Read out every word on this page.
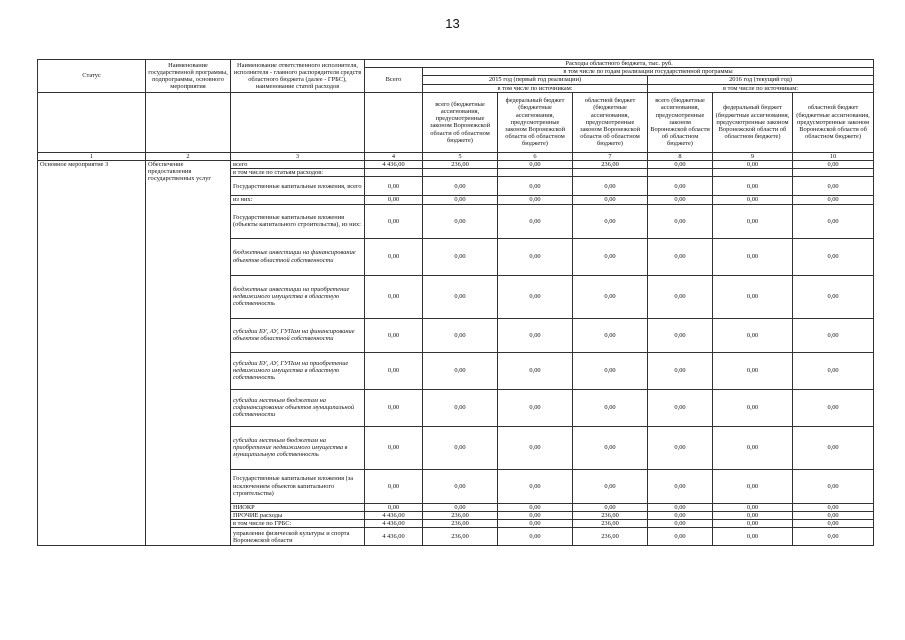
13
Статус	Наименование государственной программы, подпрограммы, основного мероприятия	Наименование ответственного исполнителя, исполнителя - главного распорядителя средств областного бюджета (далее - ГРБС), наименование статей расходов	Расходы областного бюджета, тыс. руб.						
			Всего	в том числе по годам реализации государственной программы					
				2015 год (первый год реализации)			2016 год (текущий год)		
				в том числе по источникам:			в том числе по источникам:		
				всего (бюджетные ассигнования, предусмотренные законом Воронежской области об областном бюджете)	федеральный бюджет (бюджетные ассигнования, предусмотренные законом Воронежской области об областном бюджете)	областной бюджет (бюджетные ассигнования, предусмотренные законом Воронежской области об областном бюджете)	всего (бюджетные ассигнования, предусмотренные законом Воронежской области об областном бюджете)	федеральный бюджет (бюджетные ассигнования, предусмотренные законом Воронежской области об областном бюджете)	областной бюджет (бюджетные ассигнования, предусмотренные законом Воронежской области об областном бюджете)
1	2	3	4	5	6	7	8	9	10
Основное мероприятие 3	Обеспечение предоставления государственных услуг	всего	4 436,00	236,00	0,00	236,00	0,00	0,00	0,00
		в том числе по статьям расходов:							
		Государственные капитальные вложения, всего	0,00	0,00	0,00	0,00	0,00	0,00	0,00
		из них:	0,00	0,00	0,00	0,00	0,00	0,00	0,00
		Государственные капитальные вложения (объекты капитального строительства), из них:	0,00	0,00	0,00	0,00	0,00	0,00	0,00
		бюджетные инвестиции на финансирование объектов областной собственности	0,00	0,00	0,00	0,00	0,00	0,00	0,00
		бюджетные инвестиции на приобретение недвижимого имущества в областную собственность	0,00	0,00	0,00	0,00	0,00	0,00	0,00
		субсидии БУ, АУ, ГУПам на финансирование объектов областной собственности	0,00	0,00	0,00	0,00	0,00	0,00	0,00
		субсидии БУ, АУ, ГУПам на приобретение недвижимого имущества в областную собственность	0,00	0,00	0,00	0,00	0,00	0,00	0,00
		субсидии местным бюджетам на софинансирование объектов муниципальной собственности	0,00	0,00	0,00	0,00	0,00	0,00	0,00
		субсидии местным бюджетам на приобретение недвижимого имущества в муниципальную собственность	0,00	0,00	0,00	0,00	0,00	0,00	0,00
		Государственные капитальные вложения (за исключением объектов капитального строительства)	0,00	0,00	0,00	0,00	0,00	0,00	0,00
		НИОКР	0,00	0,00	0,00	0,00	0,00	0,00	0,00
		ПРОЧИЕ расходы	4 436,00	236,00	0,00	236,00	0,00	0,00	0,00
		в том числе по ГРБС:	4 436,00	236,00	0,00	236,00	0,00	0,00	0,00
		управление физической культуры и спорта Воронежской области	4 436,00	236,00	0,00	236,00	0,00	0,00	0,00
